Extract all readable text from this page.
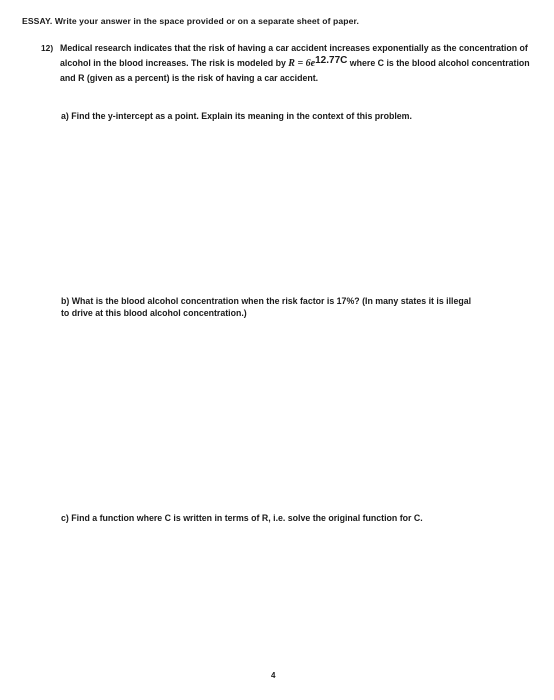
ESSAY. Write your answer in the space provided or on a separate sheet of paper.
12) Medical research indicates that the risk of having a car accident increases exponentially as the concentration of alcohol in the blood increases. The risk is modeled by $R = 6e^{12.77C}$ where C is the blood alcohol concentration and R (given as a percent) is the risk of having a car accident.
a) Find the y-intercept as a point. Explain its meaning in the context of this problem.
b) What is the blood alcohol concentration when the risk factor is 17%? (In many states it is illegal
to drive at this blood alcohol concentration.)
c) Find a function where C is written in terms of R, i.e. solve the original function for C.
4
